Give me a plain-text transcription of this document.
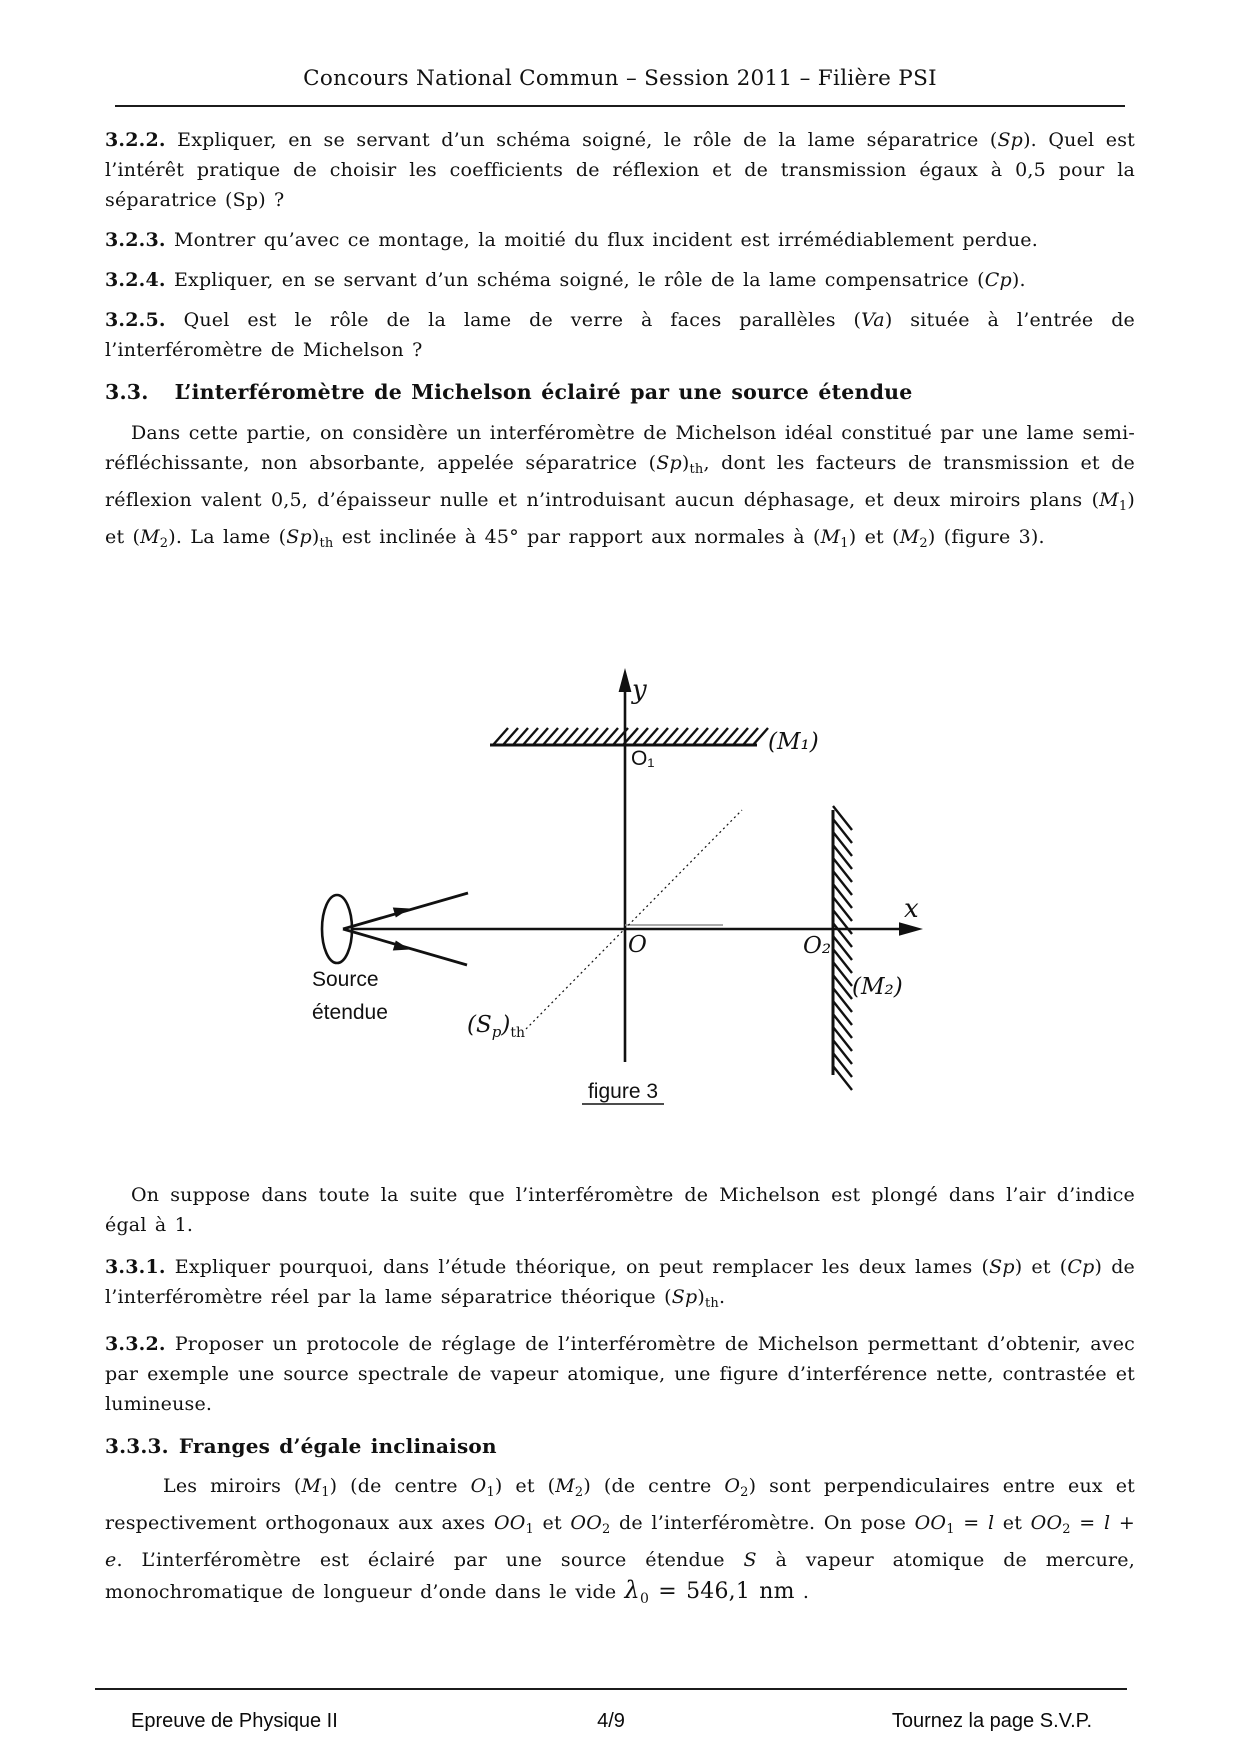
Concours National Commun – Session 2011 – Filière PSI

3.2.2. Expliquer, en se servant d’un schéma soigné, le rôle de la lame séparatrice (Sp). Quel est l’intérêt pratique de choisir les coefficients de réflexion et de transmission égaux à 0,5 pour la séparatrice (Sp) ?

3.2.3. Montrer qu’avec ce montage, la moitié du flux incident est irrémédiablement perdue.

3.2.4. Expliquer, en se servant d’un schéma soigné, le rôle de la lame compensatrice (Cp).

3.2.5. Quel est le rôle de la lame de verre à faces parallèles (Va) située à l’entrée de l’interféromètre de Michelson ?

3.3. L’interféromètre de Michelson éclairé par une source étendue

Dans cette partie, on considère un interféromètre de Michelson idéal constitué par une lame semi-réfléchissante, non absorbante, appelée séparatrice $(Sp)_{th}$, dont les facteurs de transmission et de réflexion valent 0,5, d’épaisseur nulle et n’introduisant aucun déphasage, et deux miroirs plans $(M_1)$ et $(M_2)$. La lame $(Sp)_{th}$ est inclinée à 45° par rapport aux normales à $(M_1)$ et $(M_2)$ (figure 3).

y
x
(M₁)
O₁
(M₂)
O₂
O
$(S_p)_{th}$
Source
étendue
figure 3

On suppose dans toute la suite que l’interféromètre de Michelson est plongé dans l’air d’indice égal à 1.

3.3.1. Expliquer pourquoi, dans l’étude théorique, on peut remplacer les deux lames (Sp) et (Cp) de l’interféromètre réel par la lame séparatrice théorique $(Sp)_{th}$.

3.3.2. Proposer un protocole de réglage de l’interféromètre de Michelson permettant d’obtenir, avec par exemple une source spectrale de vapeur atomique, une figure d’interférence nette, contrastée et lumineuse.

3.3.3. Franges d’égale inclinaison

Les miroirs $(M_1)$ (de centre $O_1$) et $(M_2)$ (de centre $O_2$) sont perpendiculaires entre eux et respectivement orthogonaux aux axes $OO_1$ et $OO_2$ de l’interféromètre. On pose $OO_1 = l$ et $OO_2 = l + e$. L’interféromètre est éclairé par une source étendue S à vapeur atomique de mercure, monochromatique de longueur d’onde dans le vide $\lambda_0 = 546,1$ nm .

Epreuve de Physique II	4/9	Tournez la page S.V.P.
